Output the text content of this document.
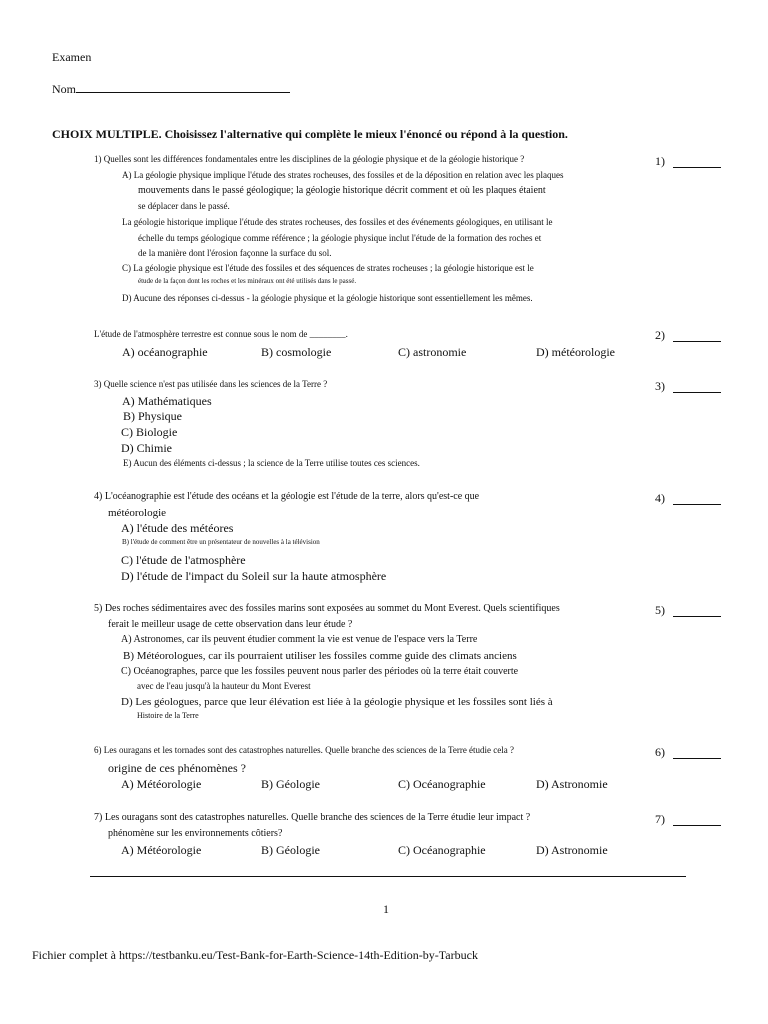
Examen
Nom
CHOIX MULTIPLE. Choisissez l'alternative qui complète le mieux l'énoncé ou répond à la question.
1) Quelles sont les différences fondamentales entre les disciplines de la géologie physique et de la géologie historique ?	1)
A) La géologie physique implique l'étude des strates rocheuses, des fossiles et de la déposition en relation avec les plaques
mouvements dans le passé géologique; la géologie historique décrit comment et où les plaques étaient
se déplacer dans le passé.
La géologie historique implique l'étude des strates rocheuses, des fossiles et des événements géologiques, en utilisant le
échelle du temps géologique comme référence ; la géologie physique inclut l'étude de la formation des roches et
de la manière dont l'érosion façonne la surface du sol.
C) La géologie physique est l'étude des fossiles et des séquences de strates rocheuses ; la géologie historique est le
étude de la façon dont les roches et les minéraux ont été utilisés dans le passé.
D) Aucune des réponses ci-dessus - la géologie physique et la géologie historique sont essentiellement les mêmes.
L'étude de l'atmosphère terrestre est connue sous le nom de ________.	2)
A) océanographie	B) cosmologie	C) astronomie	D) météorologie
3) Quelle science n'est pas utilisée dans les sciences de la Terre ?	3)
A) Mathématiques
B) Physique
C) Biologie
D) Chimie
E) Aucun des éléments ci-dessus ; la science de la Terre utilise toutes ces sciences.
4) L'océanographie est l'étude des océans et la géologie est l'étude de la terre, alors qu'est-ce que
météorologie
4)
A) l'étude des météores
B) l'étude de comment être un présentateur de nouvelles à la télévision
C) l'étude de l'atmosphère
D) l'étude de l'impact du Soleil sur la haute atmosphère
5) Des roches sédimentaires avec des fossiles marins sont exposées au sommet du Mont Everest. Quels scientifiques
ferait le meilleur usage de cette observation dans leur étude ?
5)
A) Astronomes, car ils peuvent étudier comment la vie est venue de l'espace vers la Terre
B) Météorologues, car ils pourraient utiliser les fossiles comme guide des climats anciens
C) Océanographes, parce que les fossiles peuvent nous parler des périodes où la terre était couverte
avec de l'eau jusqu'à la hauteur du Mont Everest
D) Les géologues, parce que leur élévation est liée à la géologie physique et les fossiles sont liés à
Histoire de la Terre
6) Les ouragans et les tornades sont des catastrophes naturelles. Quelle branche des sciences de la Terre étudie cela ?
origine de ces phénomènes ?
6)
A) Météorologie	B) Géologie	C) Océanographie	D) Astronomie
7) Les ouragans sont des catastrophes naturelles. Quelle branche des sciences de la Terre étudie leur impact ?
phénomène sur les environnements côtiers?
7)
A) Météorologie	B) Géologie	C) Océanographie	D) Astronomie
1
Fichier complet à https://testbanku.eu/Test-Bank-for-Earth-Science-14th-Edition-by-Tarbuck
